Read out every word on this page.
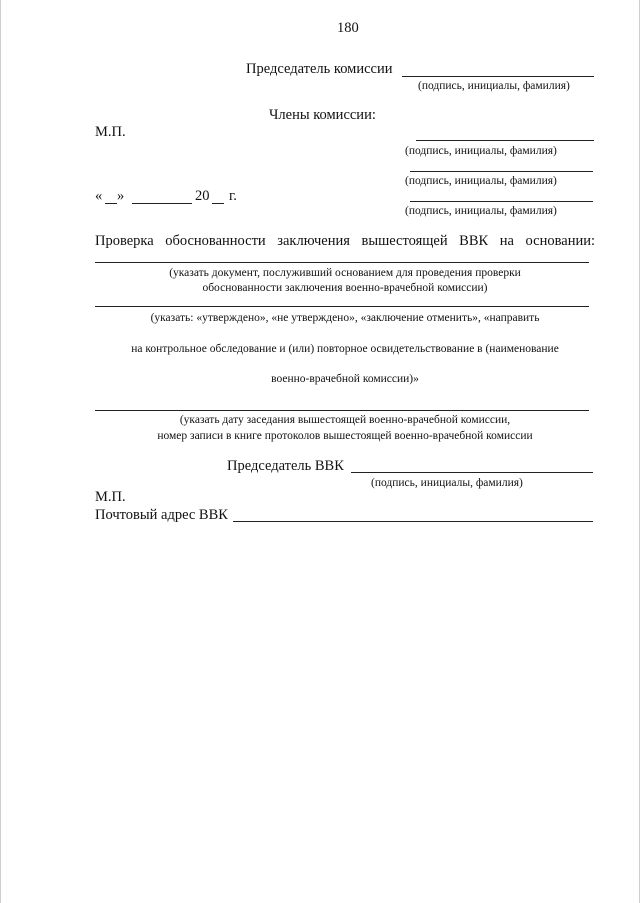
180
Председатель комиссии
(подпись, инициалы, фамилия)
Члены комиссии:
М.П.
(подпись, инициалы, фамилия)
(подпись, инициалы, фамилия)
« »	20 г.
(подпись, инициалы, фамилия)
Проверка обоснованности заключения вышестоящей ВВК на основании:
(указать документ, послуживший основанием для проведения проверки
обоснованности заключения военно-врачебной комиссии)
(указать: «утверждено», «не утверждено», «заключение отменить», «направить
на контрольное обследование и (или) повторное освидетельствование в (наименование
военно-врачебной комиссии)»
(указать дату заседания вышестоящей военно-врачебной комиссии,
номер записи в книге протоколов вышестоящей военно-врачебной комиссии
Председатель ВВК
(подпись, инициалы, фамилия)
М.П.
Почтовый адрес ВВК
